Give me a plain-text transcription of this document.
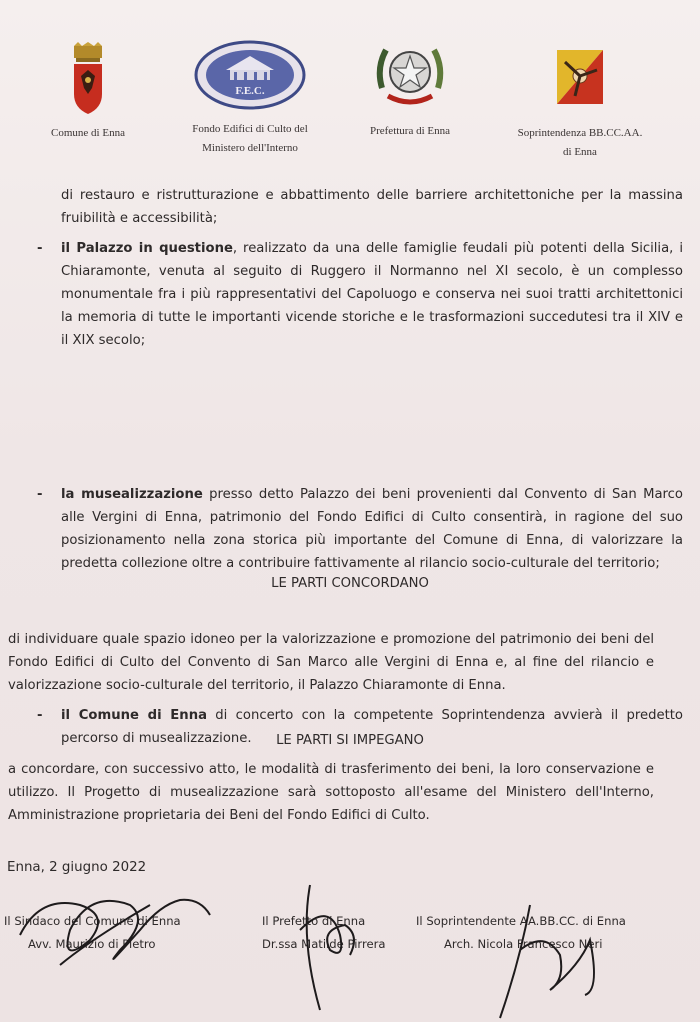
Comune di Enna
F.E.C.
Fondo Edifici di Culto del
Ministero dell'Interno
Prefettura di Enna	Soprintendenza BB.CC.AA.
di Enna
di restauro e ristrutturazione e abbattimento delle barriere architettoniche per la massina fruibilità e accessibilità;
- il Palazzo in questione, realizzato da una delle famiglie feudali più potenti della Sicilia, i Chiaramonte, venuta al seguito di Ruggero il Normanno nel XI secolo, è un complesso monumentale fra i più rappresentativi del Capoluogo e conserva nei suoi tratti architettonici la memoria di tutte le importanti vicende storiche e le trasformazioni succedutesi tra il XIV e il XIX secolo;
- la musealizzazione presso detto Palazzo dei beni provenienti dal Convento di San Marco alle Vergini di Enna, patrimonio del Fondo Edifici di Culto consentirà, in ragione del suo posizionamento nella zona storica più importante del Comune di Enna, di valorizzare la predetta collezione oltre a contribuire fattivamente al rilancio socio-culturale del territorio;
- il Comune di Enna di concerto con la competente Soprintendenza avvierà il predetto percorso di musealizzazione.
LE PARTI CONCORDANO
di individuare quale spazio idoneo per la valorizzazione e promozione del patrimonio dei beni del Fondo Edifici di Culto del Convento di San Marco alle Vergini di Enna e, al fine del rilancio e valorizzazione socio-culturale del territorio, il Palazzo Chiaramonte di Enna.
LE PARTI SI IMPEGANO
a concordare, con successivo atto, le modalità di trasferimento dei beni, la loro conservazione e utilizzo. Il Progetto di musealizzazione sarà sottoposto all'esame del Ministero dell'Interno, Amministrazione proprietaria dei Beni del Fondo Edifici di Culto.
Enna, 2 giugno 2022
Il Sindaco del Comune di Enna
Avv. Maurizio di Pietro
Il Prefetto di Enna
Dr.ssa Matilde Pirrera
Il Soprintendente AA.BB.CC. di Enna
Arch. Nicola Francesco Neri
